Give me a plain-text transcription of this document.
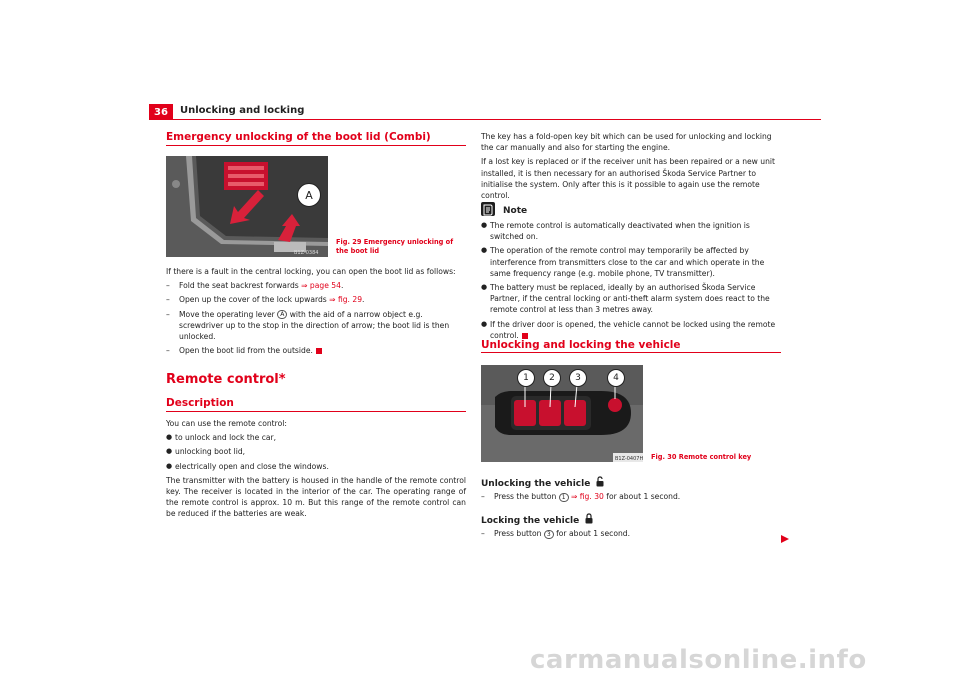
36	Unlocking and locking
Emergency unlocking of the boot lid (Combi)
B1Z-0384
A
Fig. 29 Emergency unlocking of the boot lid

If there is a fault in the central locking, you can open the boot lid as follows:

–	Fold the seat backrest forwards ⇒ page 54.
–	Open up the cover of the lock upwards ⇒ fig. 29.
–	Move the operating lever A with the aid of a narrow object e.g. screwdriver up to the stop in the direction of arrow; the boot lid is then unlocked.
–	Open the boot lid from the outside.
Remote control*
Description

You can use the remote control:

● to unlock and lock the car,
● unlocking boot lid,
● electrically open and close the windows.

The transmitter with the battery is housed in the handle of the remote control key. The receiver is located in the interior of the car. The operating range of the remote control is approx. 10 m. But this range of the remote control can be reduced if the batteries are weak.

The key has a fold-open key bit which can be used for unlocking and locking the car manually and also for starting the engine.

If a lost key is replaced or if the receiver unit has been repaired or a new unit installed, it is then necessary for an authorised Škoda Service Partner to initialise the system. Only after this is it possible to again use the remote control.

Note
● The remote control is automatically deactivated when the ignition is switched on.
● The operation of the remote control may temporarily be affected by interference from transmitters close to the car and which operate in the same frequency range (e.g. mobile phone, TV transmitter).
● The battery must be replaced, ideally by an authorised Škoda Service Partner, if the central locking or anti-theft alarm system does react to the remote control at less than 3 metres away.
● If the driver door is opened, the vehicle cannot be locked using the remote control.
Unlocking and locking the vehicle
B1Z-0407H
1	2	3	4
Fig. 30 Remote control key
Unlocking the vehicle
–	Press the button 1 ⇒ fig. 30 for about 1 second.
Locking the vehicle
–	Press button 3 for about 1 second.
carmanualsonline.info
